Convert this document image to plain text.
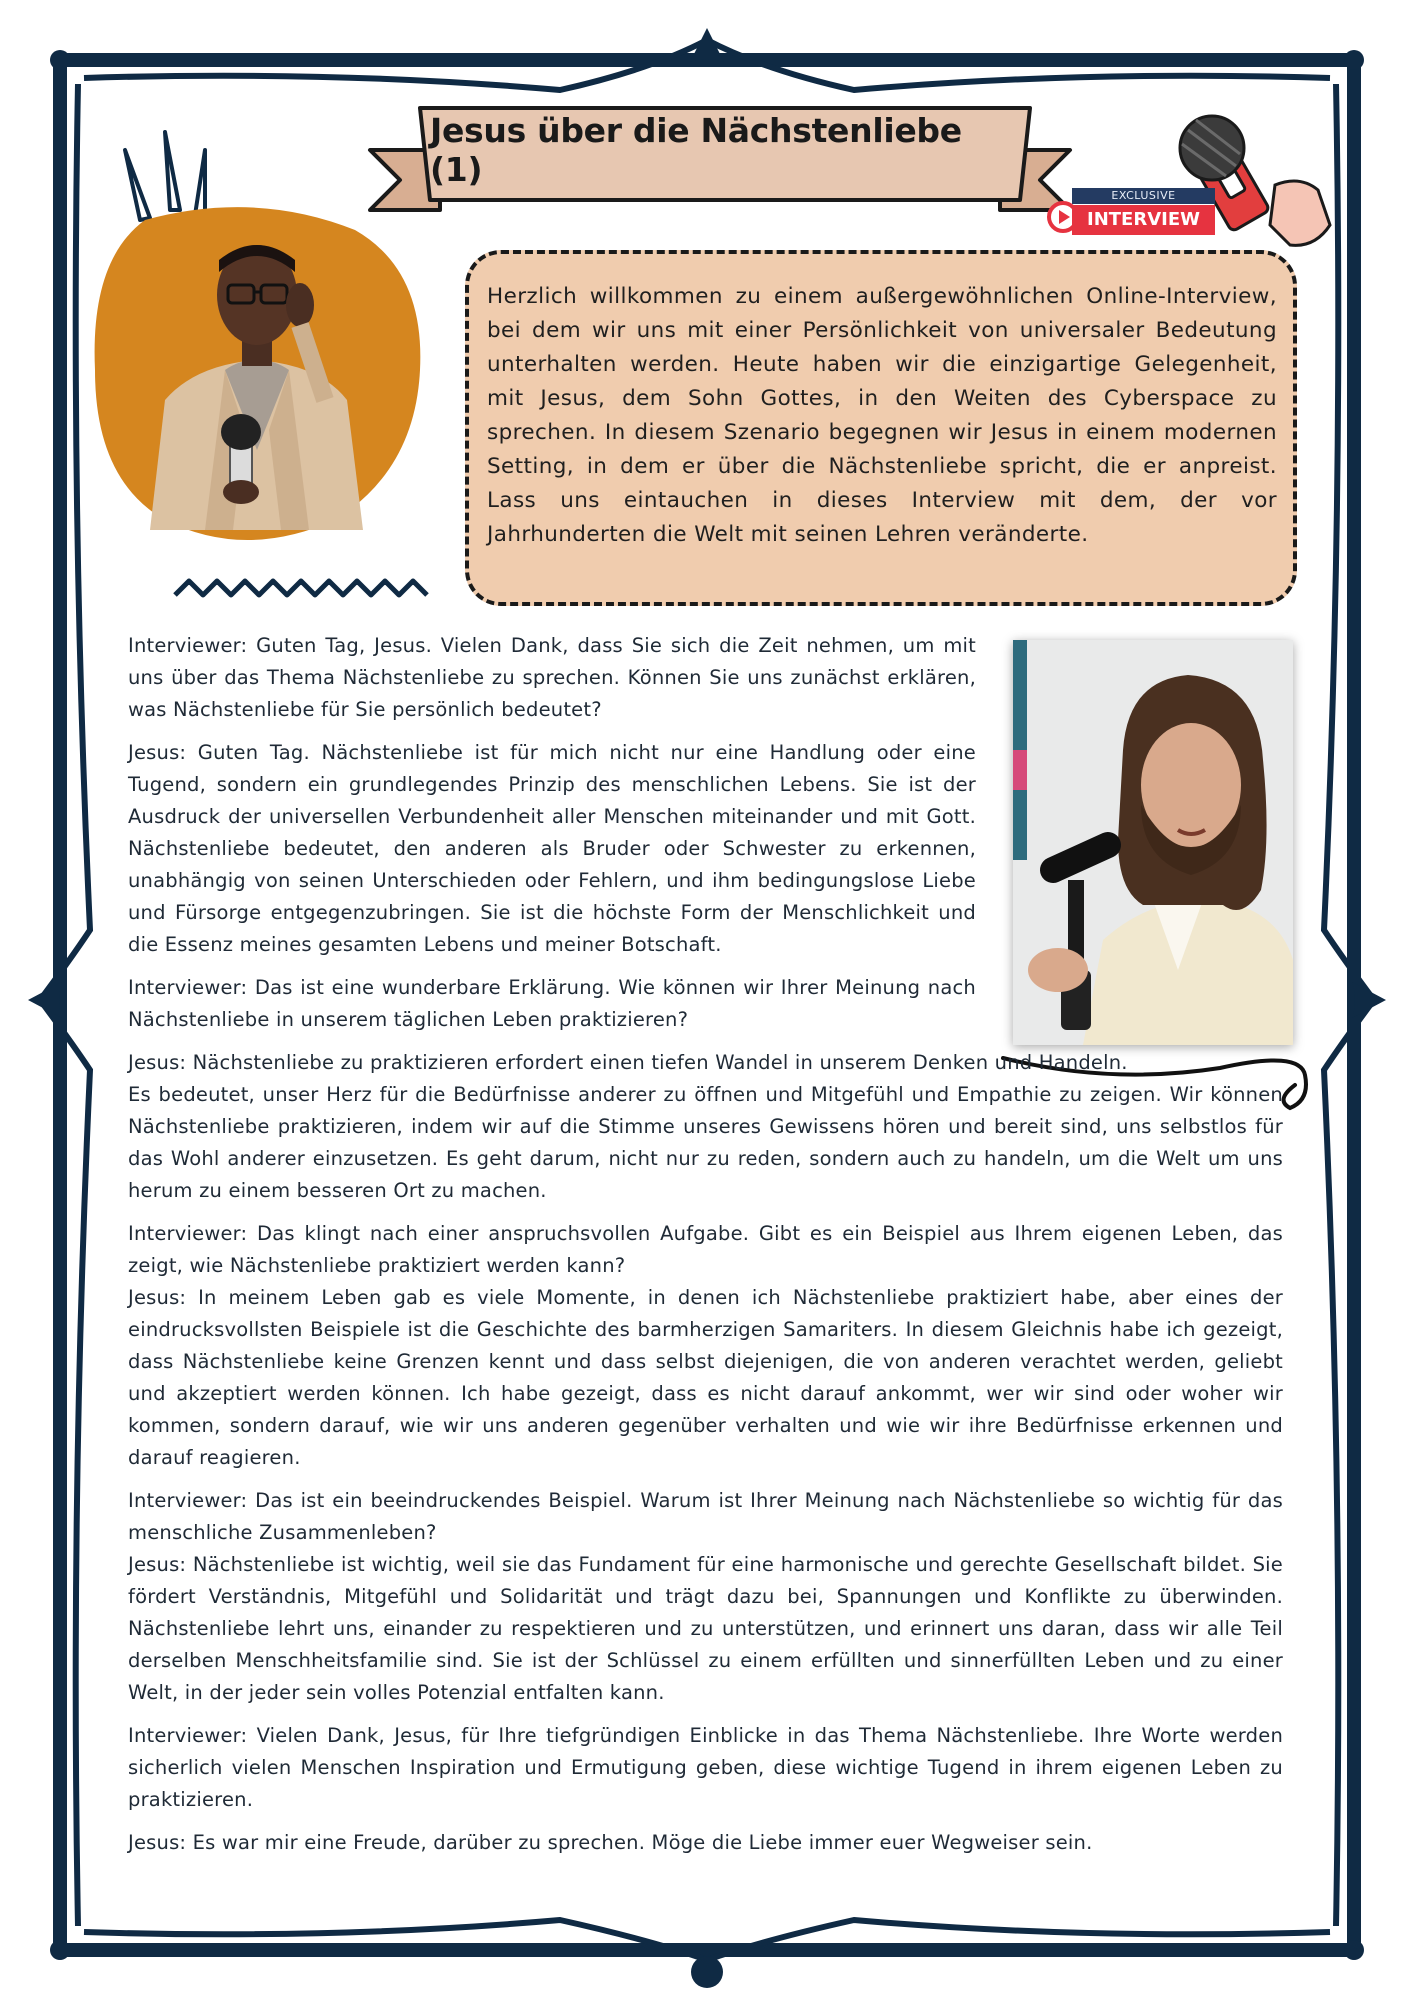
Jesus über die Nächstenliebe (1)
EXCLUSIVE
INTERVIEW

Herzlich willkommen zu einem außergewöhnlichen Online-Interview, bei dem wir uns mit einer Persönlichkeit von universaler Bedeutung unterhalten werden. Heute haben wir die einzigartige Gelegenheit, mit Jesus, dem Sohn Gottes, in den Weiten des Cyberspace zu sprechen. In diesem Szenario begegnen wir Jesus in einem modernen Setting, in dem er über die Nächstenliebe spricht, die er anpreist. Lass uns eintauchen in dieses Interview mit dem, der vor Jahrhunderten die Welt mit seinen Lehren veränderte.

Interviewer: Guten Tag, Jesus. Vielen Dank, dass Sie sich die Zeit nehmen, um mit uns über das Thema Nächstenliebe zu sprechen. Können Sie uns zunächst erklären, was Nächstenliebe für Sie persönlich bedeutet?

Jesus: Guten Tag. Nächstenliebe ist für mich nicht nur eine Handlung oder eine Tugend, sondern ein grundlegendes Prinzip des menschlichen Lebens. Sie ist der Ausdruck der universellen Verbundenheit aller Menschen miteinander und mit Gott. Nächstenliebe bedeutet, den anderen als Bruder oder Schwester zu erkennen, unabhängig von seinen Unterschieden oder Fehlern, und ihm bedingungslose Liebe und Fürsorge entgegenzubringen. Sie ist die höchste Form der Menschlichkeit und die Essenz meines gesamten Lebens und meiner Botschaft.

Interviewer: Das ist eine wunderbare Erklärung. Wie können wir Ihrer Meinung nach Nächstenliebe in unserem täglichen Leben praktizieren?

Jesus: Nächstenliebe zu praktizieren erfordert einen tiefen Wandel in unserem Denken und Handeln.

Es bedeutet, unser Herz für die Bedürfnisse anderer zu öffnen und Mitgefühl und Empathie zu zeigen. Wir können Nächstenliebe praktizieren, indem wir auf die Stimme unseres Gewissens hören und bereit sind, uns selbstlos für das Wohl anderer einzusetzen. Es geht darum, nicht nur zu reden, sondern auch zu handeln, um die Welt um uns herum zu einem besseren Ort zu machen.

Interviewer: Das klingt nach einer anspruchsvollen Aufgabe. Gibt es ein Beispiel aus Ihrem eigenen Leben, das zeigt, wie Nächstenliebe praktiziert werden kann?

Jesus: In meinem Leben gab es viele Momente, in denen ich Nächstenliebe praktiziert habe, aber eines der eindrucksvollsten Beispiele ist die Geschichte des barmherzigen Samariters. In diesem Gleichnis habe ich gezeigt, dass Nächstenliebe keine Grenzen kennt und dass selbst diejenigen, die von anderen verachtet werden, geliebt und akzeptiert werden können. Ich habe gezeigt, dass es nicht darauf ankommt, wer wir sind oder woher wir kommen, sondern darauf, wie wir uns anderen gegenüber verhalten und wie wir ihre Bedürfnisse erkennen und darauf reagieren.

Interviewer: Das ist ein beeindruckendes Beispiel. Warum ist Ihrer Meinung nach Nächstenliebe so wichtig für das menschliche Zusammenleben?

Jesus: Nächstenliebe ist wichtig, weil sie das Fundament für eine harmonische und gerechte Gesellschaft bildet. Sie fördert Verständnis, Mitgefühl und Solidarität und trägt dazu bei, Spannungen und Konflikte zu überwinden. Nächstenliebe lehrt uns, einander zu respektieren und zu unterstützen, und erinnert uns daran, dass wir alle Teil derselben Menschheitsfamilie sind. Sie ist der Schlüssel zu einem erfüllten und sinnerfüllten Leben und zu einer Welt, in der jeder sein volles Potenzial entfalten kann.

Interviewer: Vielen Dank, Jesus, für Ihre tiefgründigen Einblicke in das Thema Nächstenliebe. Ihre Worte werden sicherlich vielen Menschen Inspiration und Ermutigung geben, diese wichtige Tugend in ihrem eigenen Leben zu praktizieren.

Jesus: Es war mir eine Freude, darüber zu sprechen. Möge die Liebe immer euer Wegweiser sein.
